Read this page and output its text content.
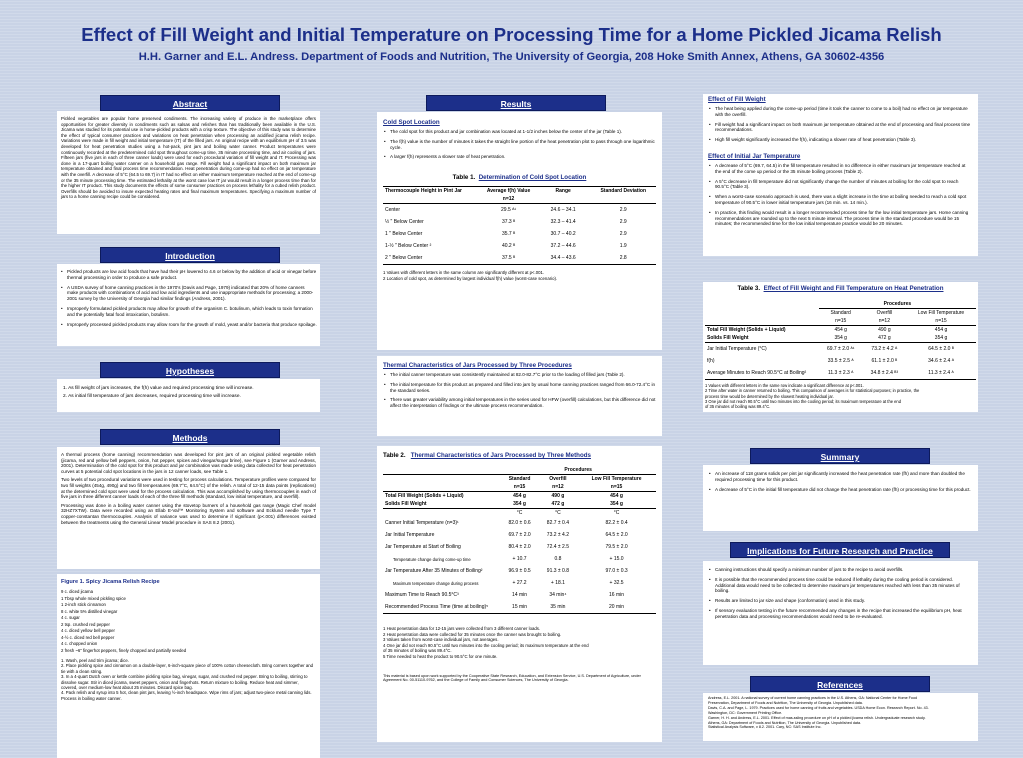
Effect of Fill Weight and Initial Temperature on Processing Time for a Home Pickled Jicama Relish
H.H. Garner and E.L. Andress. Department of Foods and Nutrition, The University of Georgia, 208 Hoke Smith Annex, Athens, GA 30602-4356
Abstract
Pickled vegetables are popular home preserved condiments. The increasing variety of produce in the marketplace offers opportunities for greater diversity in condiments such as salsas and relishes than has traditionally been available in the U.S. Jicama was studied for its potential use in home-pickled products with a crisp texture. The objective of this study was to determine the effect of typical consumer practices and variations on heat penetration when processing an acidified jicama relish recipe. Variations were made in fill weight and initial temperature (IT) of the filled jars. An original recipe with an equilibrium pH of 3.5 was developed for heat penetration studies using a hot-pack, pint jars and boiling water canner. Product temperatures were continuously recorded at the predetermined cold spot throughout come-up time, 35 minute processing time, and air cooling of jars. Fifteen jars (five jars in each of three canner loads) were used for each procedural variation of fill weight and IT. Processing was done in a 17-quart boiling water canner on a household gas range. Fill weight had a significant impact on both maximum jar temperature obtained and final process time recommendation. Heat penetration during come-up had no effect on jar temperature with the overfill. A decrease of 5°C (64.5 to 69.7) in IT had no effect on either maximum temperature reached at the end of come-up or the 35 minute processing time. The estimated lethality at the worst case low IT jar would result in a longer process time than for the higher IT product. This study documents the effects of some consumer practices on process lethality for a cubed relish product. Overfills should be avoided to insure expected heating rates and final maximum temperatures. Specifying a maximum number of jars to a home canning recipe could be considered.
Introduction
• Pickled products are low acid foods that have had their pH lowered to 4.6 or below by the addition of acid or vinegar before thermal processing in order to produce a safe product.
• A USDA survey of home canning practices in the 1970's (Davis and Page, 1979) indicated that 20% of home canners make products with combinations of acid and low acid ingredients and use inappropriate methods for processing; a 2000-2001 survey by the University of Georgia had similar findings (Andress, 2001).
• Improperly formulated pickled products may allow for growth of the organism C. botulinum, which leads to toxin formation and the potentially fatal food intoxication, botulism.
• Improperly processed pickled products may allow room for the growth of mold, yeast and/or bacteria that produce spoilage.
Hypotheses
1. As fill weight of jars increases, the f(h) value and required processing time will increase.
2. As initial fill temperature of jars decreases, required processing time will increase.
Methods

A thermal process (home canning) recommendation was developed for pint jars of an original pickled vegetable relish (jicama, red and yellow bell peppers, onion, hot pepper, spices and vinegar/sugar brine), see Figure 1 (Garner and Andress, 2001). Determination of the cold spot for this product and jar combination was made using data collected for heat penetration curves at 5 potential cold spot locations in the jars in 12 canner loads, see Table 1.

Two levels of two procedural variations were used in testing for process calculations. Temperature profiles were compared for two fill weights (454g, 490g) and two fill temperatures (69.7°C, 64.5°C) of the relish. A total of 12-15 data points (replications) at the determined cold spot were used for the process calculation. This was accomplished by using thermocouples in each of five jars in three different canner loads of each of the three fill methods (standard, low initial temperature, and overfill).

Processing was done in a boiling water canner using the stovetop burners of a household gas range (Magic Chef model 32HZ7XTW). Data were recorded using an Ellab E-Val™ Monitoring System and software and Ecklund needle Type T copper-constantan thermocouples. Analysis of variance was used to determine if significant (p<.001) differences existed between the treatments using the General Linear Model procedure in SAS 8.2 (2001).

Figure 1. Spicy Jicama Relish Recipe
9 c. diced jicama
1 Tbsp whole mixed pickling spice
1 2-inch stick cinnamon
8 c. white 5% distilled vinegar
4 c. sugar
2 tsp. crushed red pepper
4 c. diced yellow bell pepper
4-½ c. diced red bell pepper
4 c. chopped onion
2 fresh ~6" fingerhot peppers, finely chopped and partially seeded
1. Wash, peel and trim jicama; dice.
2. Place pickling spice and cinnamon on a double-layer, 6-inch-square piece of 100% cotton cheesecloth. Bring corners together and tie with a clean string.
3. In a 4-quart Dutch oven or kettle combine pickling spice bag, vinegar, sugar, and crushed red pepper. Bring to boiling, stirring to dissolve sugar. Stir in diced jicama, sweet peppers, onion and fingerhots. Return mixture to boiling. Reduce heat and simmer, covered, over medium-low heat about 25 minutes. Discard spice bag.
4. Pack relish and syrup into 5 hot, clean pint jars, leaving ½-inch headspace. Wipe rims of jars; adjust two-piece metal canning lids. Process in boiling water canner.
Results
Cold Spot Location
• The cold spot for this product and jar combination was located at 1-1/2 inches below the center of the jar (Table 1).
• The f(h) value is the number of minutes it takes the straight line portion of the heat penetration plot to pass through one logarithmic cycle.
• A larger f(h) represents a slower rate of heat penetration.
Table 1. Determination of Cold Spot Location
Thermocouple Height in Pint Jar	Average f(h) Value	Range	Standard Deviation
	n=12		
Center	29.5 ᴬ¹	24.6 – 34.1	2.9
½ " Below Center	37.3 ᴮ	32.3 – 41.4	2.9
1 " Below Center	35.7 ᴮ	30.7 – 40.2	2.9
1-½ " Below Center ²	40.2 ᴮ	37.2 – 44.6	1.9
2 " Below Center	37.5 ᴮ	34.4 – 43.6	2.8
1 Values with different letters in the same column are significantly different at p<.001.
2 Location of cold spot, as determined by largest individual f(h) value (worst-case scenario).
Thermal Characteristics of Jars Processed by Three Procedures
• The initial canner temperature was consistently maintained at 82.0-82.7°C prior to the loading of filled jars (Table 2).
• The initial temperature for this product as prepared and filled into jars by usual home canning practices ranged from 66.0-72.4°C in the standard series.
• There was greater variability among initial temperatures in the series used for HFW (overfill) calculations, but this difference did not affect the interpretation of findings or the ultimate process recommendation.
Table 2. Thermal Characteristics of Jars Processed by Three Methods
	Procedures		
	Standard	Overfill	Low Fill Temperature
	n=15	n=12	n=15
Total Fill Weight (Solids + Liquid)	454 g	490 g	454 g
Solids Fill Weight	354 g	472 g	354 g
	°C	°C	°C
Canner Initial Temperature (n=3)¹	82.0 ± 0.6	82.7 ± 0.4	82.2 ± 0.4
Jar Initial Temperature	69.7 ± 2.0	73.2 ± 4.2	64.5 ± 2.0
Jar Temperature at Start of Boiling	80.4 ± 2.0	72.4 ± 2.5	79.5 ± 2.0
Temperature change during come-up time	+ 10.7	0.8	+ 15.0
Jar Temperature After 35 Minutes of Boiling²	96.9 ± 0.5	91.3 ± 0.8	97.0 ± 0.3
Maximum temperature change during process	+ 27.2	+ 18.1	+ 32.5
Maximum Time to Reach 90.5°C³	14 min	34 min⁴	16 min
Recommended Process Time (time at boiling)⁵	15 min	35 min	20 min
1 Heat penetration data for 12-15 jars were collected from 3 different canner loads.
2 Heat penetration data were collected for 35 minutes once the canner was brought to boiling.
3 Values taken from worst-case individual jars, not averages.
4 One jar did not reach 90.5°C until two minutes into the cooling period; its maximum temperature at the end
of 35 minutes of boiling was 89.4°C.
5 Time needed to heat the product to 90.5°C for one minute.
This material is based upon work supported by the Cooperative State Research, Education, and Extension Service, U.S. Department of Agriculture, under Agreement No. 00-51110-9762, and the College of Family and Consumer Sciences, The University of Georgia.
Effect of Fill Weight
• The heat being applied during the come-up period (time it took the canner to come to a boil) had no effect on jar temperature with the overfill.
• Fill weight had a significant impact on both maximum jar temperature obtained at the end of processing and final process time recommendations.
• High fill weight significantly increased the f(h), indicating a slower rate of heat penetration (Table 3).
Effect of Initial Jar Temperature
• A decrease of 5°C (69.7, 64.5) in the fill temperature resulted in no difference in either maximum jar temperature reached at the end of the come up period or the 35 minute boiling process (Table 2).
• A 5°C decrease in fill temperature did not significantly change the number of minutes at boiling for the cold spot to reach 90.5°C (Table 3).
• When a worst-case scenario approach is used, there was a slight increase in the time at boiling needed to reach a cold spot temperature of 90.5°C in lower initial temperature jars (16 min. vs. 14 min.).
• In practice, this finding would result in a longer recommended process time for the low initial temperature jars. Home canning recommendations are rounded up to the next 5 minute interval. The process time in the standard procedure would be 15 minutes; the recommended time for the low initial temperature practice would be 20 minutes.
Table 3. Effect of Fill Weight and Fill Temperature on Heat Penetration
	Procedures		
	Standard	Overfill	Low Fill Temperature
	n=15	n=12	n=15
Total Fill Weight (Solids + Liquid)	454 g	490 g	454 g
Solids Fill Weight	354 g	472 g	354 g
Jar Initial Temperature (°C)	69.7 ± 2.0 ᴬ¹	73.2 ± 4.2 ᴬ	64.5 ± 2.0 ᴮ
f(h)	33.5 ± 2.5 ᴬ	61.1 ± 2.0 ᴮ	34.6 ± 2.4 ᴬ
Average Minutes to Reach 90.5°C at Boiling²	11.3 ± 2.3 ᴬ	34.8 ± 2.4 ᴮ³	11.3 ± 2.4 ᴬ
1 Values with different letters in the same row indicate a significant difference at p<.001.
2 Time after water in canner returned to boiling. This comparison of averages is for statistical purposes; in practice, the
process time would be determined by the slowest heating individual jar.
3 One jar did not reach 90.5°C until two minutes into the cooling period; its maximum temperature at the end
of 35 minutes of boiling was 89.4°C.
Summary
• An increase of 118 grams solids per pint jar significantly increased the heat penetration rate (fh) and more than doubled the required processing time for this product.
• A decrease of 5°C in the initial fill temperature did not change the heat penetration rate (fh) or processing time for this product.
Implications for Future Research and Practice
• Canning instructions should specify a minimum number of jars to the recipe to avoid overfills.
• It is possible that the recommended process time could be reduced if lethality during the cooling period is considered. Additional data would need to be collected to determine maximum jar temperatures reached with less than 35 minutes of boiling.
• Results are limited to jar size and shape (conformation) used in this study.
• If sensory evaluation testing in the future recommended any changes in the recipe that increased the equilibrium pH, heat penetration data and processing recommendations would need to be re-evaluated.
References
Andress, E.L. 2001. A national survey of current home canning practices in the U.S. Athens, GA: National Center for Home Food
Preservation, Department of Foods and Nutrition, The University of Georgia. Unpublished data.
Davis, C.A. and Page, L. 1979. Practices used for home canning of fruits and vegetables. USDA Home Econ. Research Report. No. 43.
Washington, DC: Government Printing Office.
Garner, H. H. and Andress, E.L. 2001. Effect of mas-ssling procedure on pH of a pickled jicama relish. Undergraduate research study.
Athens, GA: Department of Foods and Nutrition, The University of Georgia. Unpublished data.
Statistical Analysis Software, v 8.2. 2001. Cary, NC: SAS Institute Inc.
